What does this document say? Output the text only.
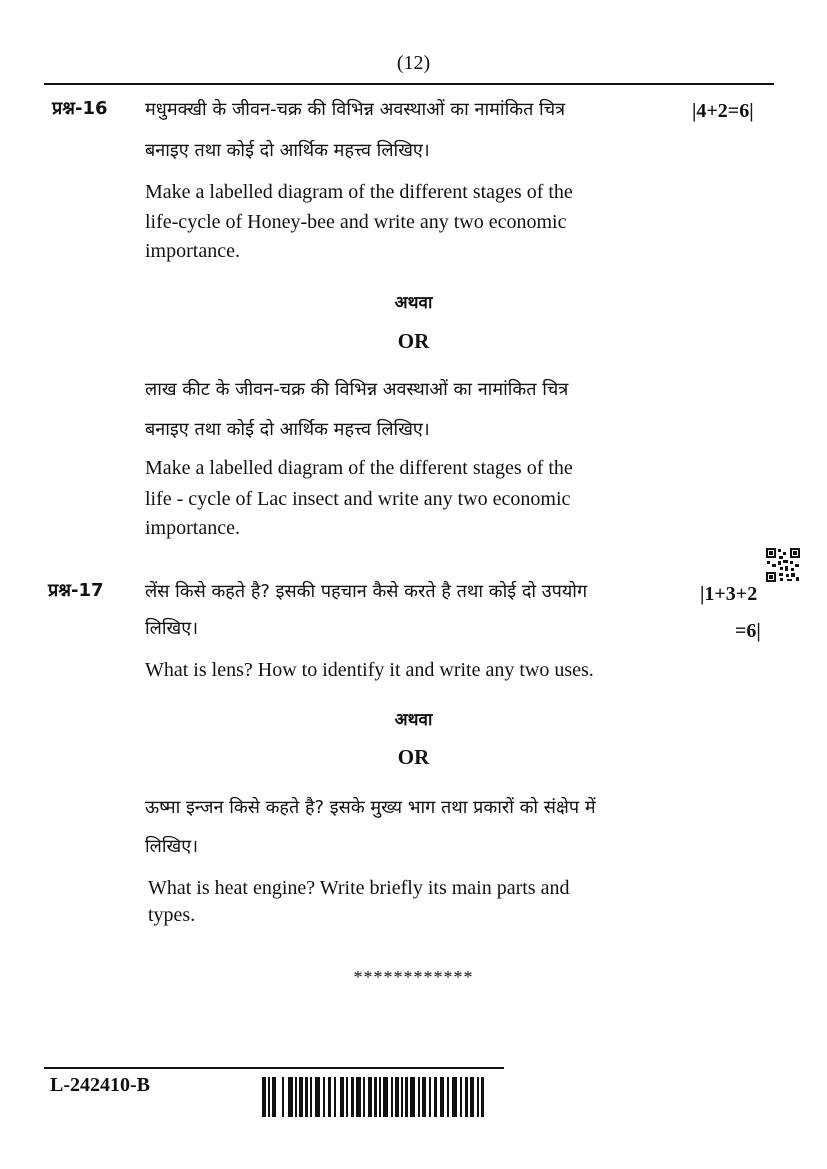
(12)
प्रश्न-16	|4+2=6|
मधुमक्खी के जीवन-चक्र की विभिन्न अवस्थाओं का नामांकित चित्र
बनाइए तथा कोई दो आर्थिक महत्त्व लिखिए।
Make a labelled diagram of the different stages of the
life-cycle of Honey-bee and write any two economic
importance.
अथवा
OR
लाख कीट के जीवन-चक्र की विभिन्न अवस्थाओं का नामांकित चित्र
बनाइए तथा कोई दो आर्थिक महत्त्व लिखिए।
Make a labelled diagram of the different stages of the
life - cycle of Lac insect and write any two economic
importance.
प्रश्न-17	|1+3+2
=6|
लेंस किसे कहते है? इसकी पहचान कैसे करते है तथा कोई दो उपयोग
लिखिए।
What is lens? How to identify it and write any two uses.
अथवा
OR
ऊष्मा इन्जन किसे कहते है? इसके मुख्य भाग तथा प्रकारों को संक्षेप में
लिखिए।
What is heat engine? Write briefly its main parts and
types.
************
L-242410-B
